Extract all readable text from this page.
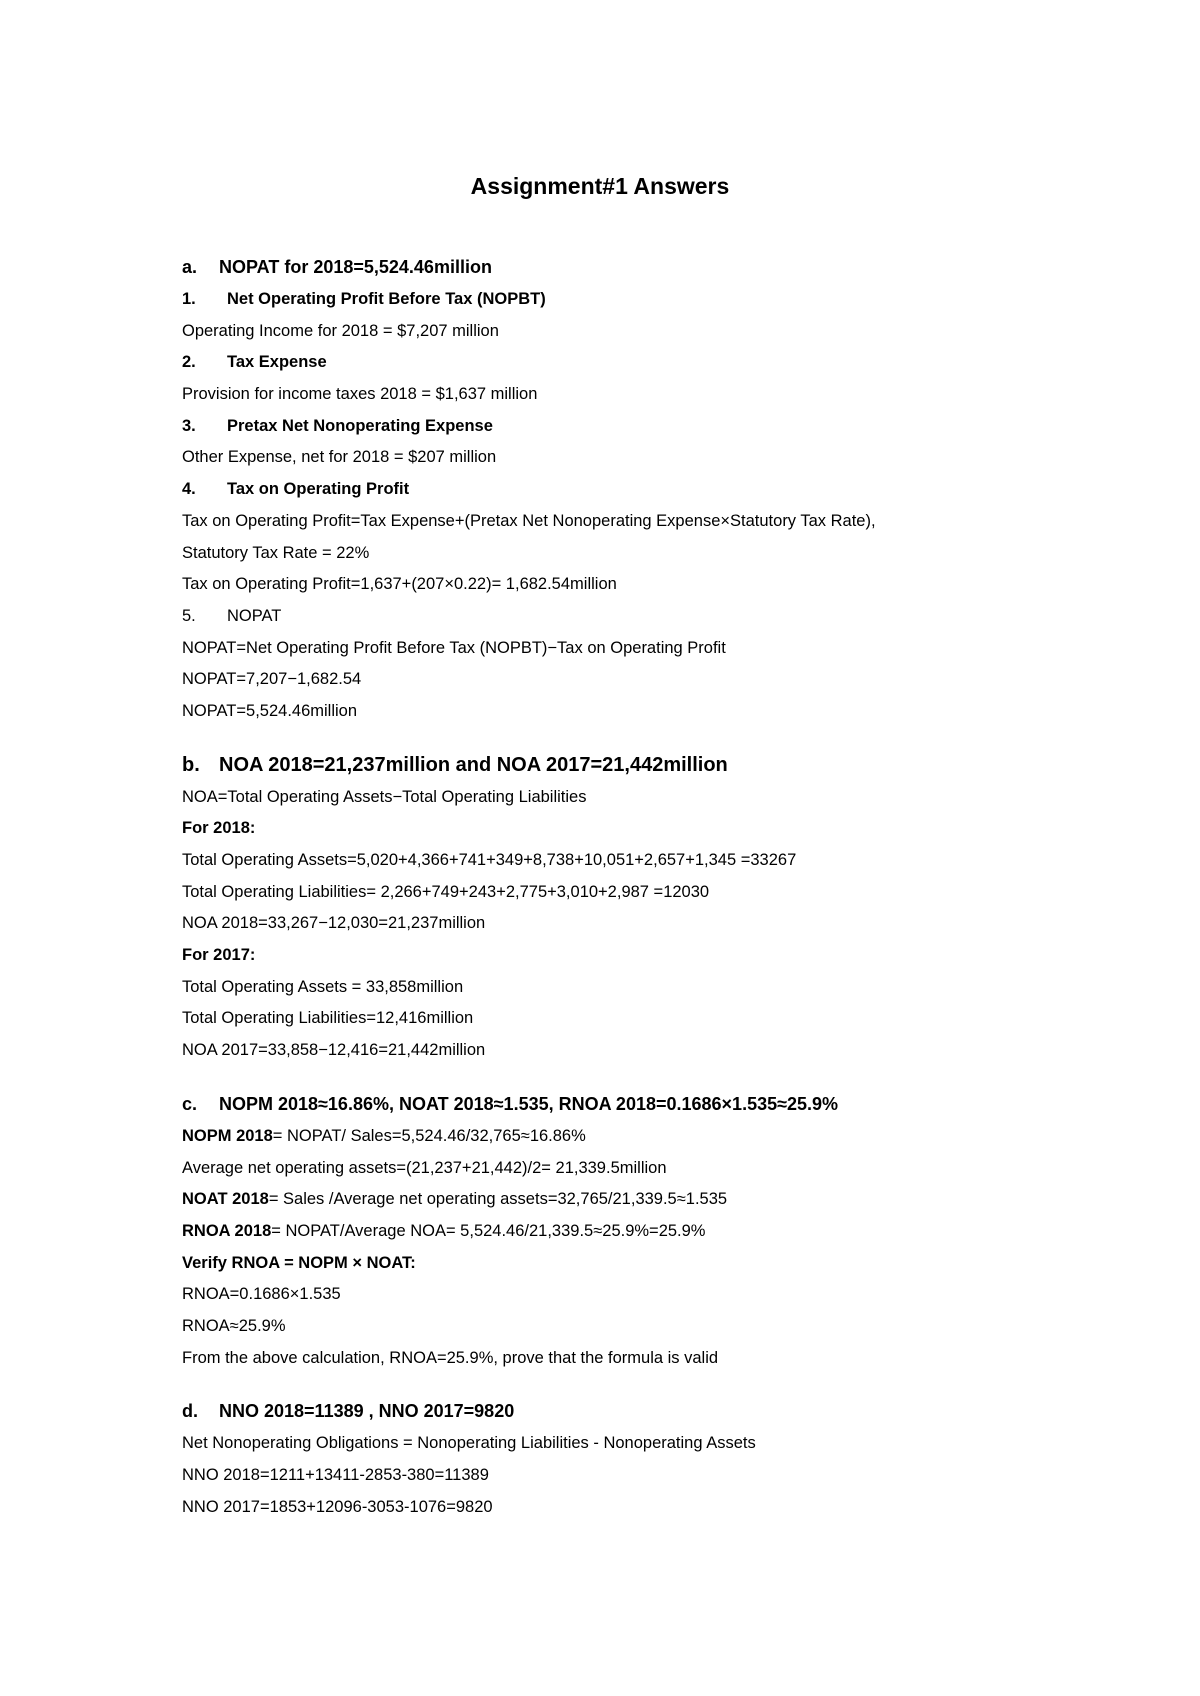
Assignment#1 Answers
a. NOPAT for 2018=5,524.46million
1. Net Operating Profit Before Tax (NOPBT)
Operating Income for 2018 = $7,207 million
2. Tax Expense
Provision for income taxes 2018 = $1,637 million
3. Pretax Net Nonoperating Expense
Other Expense, net for 2018 = $207 million
4. Tax on Operating Profit
Tax on Operating Profit=Tax Expense+(Pretax Net Nonoperating Expense×Statutory Tax Rate),
Statutory Tax Rate = 22%
Tax on Operating Profit=1,637+(207×0.22)= 1,682.54million
5. NOPAT
NOPAT=Net Operating Profit Before Tax (NOPBT)−Tax on Operating Profit
NOPAT=7,207−1,682.54
NOPAT=5,524.46million
b. NOA 2018=21,237million and NOA 2017=21,442million
NOA=Total Operating Assets−Total Operating Liabilities
For 2018:
Total Operating Assets=5,020+4,366+741+349+8,738+10,051+2,657+1,345 =33267
Total Operating Liabilities= 2,266+749+243+2,775+3,010+2,987 =12030
NOA 2018=33,267−12,030=21,237million
For 2017:
Total Operating Assets = 33,858million
Total Operating Liabilities=12,416million
NOA 2017=33,858−12,416=21,442million
c. NOPM 2018≈16.86%, NOAT 2018≈1.535, RNOA 2018=0.1686×1.535≈25.9%
NOPM 2018= NOPAT/ Sales=5,524.46/32,765≈16.86%
Average net operating assets=(21,237+21,442)/2= 21,339.5million
NOAT 2018= Sales /Average net operating assets=32,765/21,339.5≈1.535
RNOA 2018= NOPAT/Average NOA= 5,524.46/21,339.5≈25.9%=25.9%
Verify RNOA = NOPM × NOAT:
RNOA=0.1686×1.535
RNOA≈25.9%
From the above calculation, RNOA=25.9%, prove that the formula is valid
d. NNO 2018=11389 , NNO 2017=9820
Net Nonoperating Obligations = Nonoperating Liabilities - Nonoperating Assets
NNO 2018=1211+13411-2853-380=11389
NNO 2017=1853+12096-3053-1076=9820
